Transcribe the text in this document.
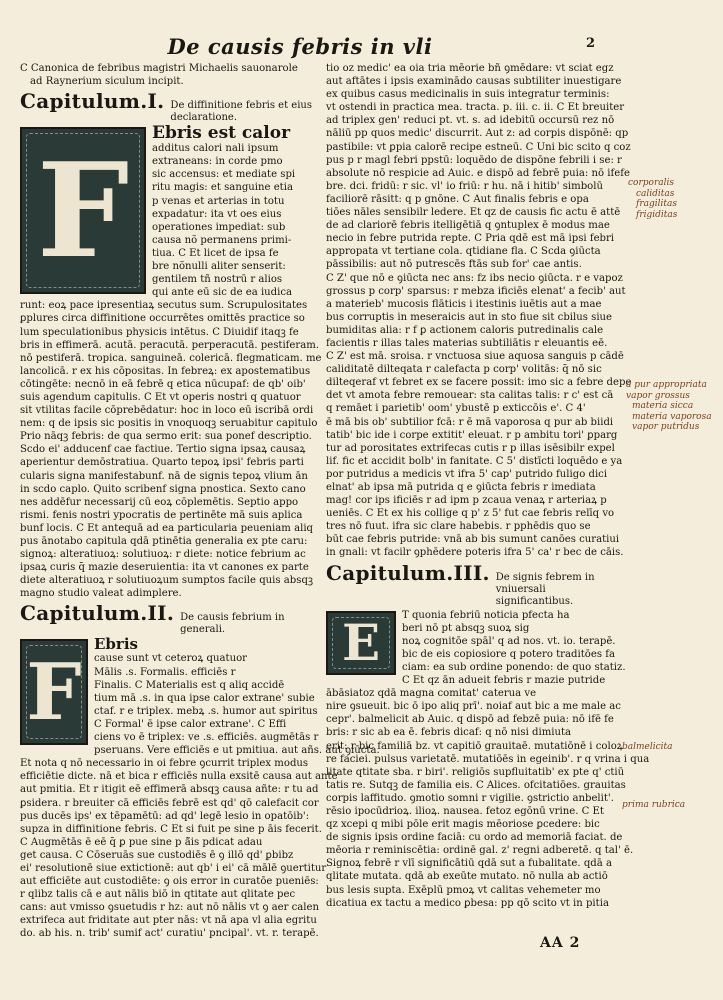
De causis febris in vli	2
C Canonica de febribus magistri Michaelis sauonarole
ad Raynerium siculum incipit.
Capitulum.I. De diffinitione febris et eius declaratione.
F
Ebris est calor
additus calori nali ipsum
extraneans: in corde pmo
sic accensus: et mediate spi
ritu magis: et sanguine etia
p venas et arterias in totu
expadatur: ita vt oes eius
operationes impediat: sub
causa nõ permanens primi-
tiua. C Et licet de ipsa fe
bre nõnulli aliter senserit:
gentilem tñ nostrū r alios
qui ante eū sic de ea iudica
runt: eoꝝ pace ipresentiaꝝ secutus sum. Scrupulositates
ꝑplures circa diffinitione occurrētes omittēs practice so
lum speculationibus physicis intētus. C Diuidif itaqꝫ fe
bris in effimerā. acutā. peracutā. perperacutā. pestiferam.
nō pestiferā. tropica. sanguineā. colericā. flegmaticam. me
lancolicā. r ex his cōpositas. In febreꝝ: ex apostematibus
cōtingēte: necnō in eā febrē q etica nūcupaf: de qb' oib'
suis agendum capitulis. C Et vt operis nostri q quatuor
sit vtilitas facile cōprebēdatur: hoc in loco eū iscribā ordi
nem: q de ipsis sic positis in vnoquoqꝫ seruabitur capitulo
Prio nāqꝫ febris: de qua sermo erit: sua ponef descriptio.
Scdo ei' adducenf cae factiue. Tertio signa ipsaꝝ causaꝝ
aperientur demōstratiua. Quarto tepoꝝ ipsi' febris parti
cularis signa manifestabunf. nā de signis tepoꝝ vlium ān
in scdo caplo. Quito scribenf signa pnostica. Sexto cano
nes addēfur necessarij cū eoꝝ cōplemētis. Septio appo
rismi. fenis nostri ypocratis de pertinēte mā suis aplica
bunf locis. C Et antequā ad ea particularia peueniam aliq
pus ānotabo capitula qdā ptinētia generalia ex pte caru:
signoꝝ: alteratiuoꝝ: solutiuoꝝ: r diete: notice febrium ac
ipsaꝝ curis q̄ mazie deseruientia: ita vt canones ex parte
diete alteratiuoꝝ r solutiuoꝝum sumptos facile quis absqꝫ
magno studio valeat adimplere.
Capitulum.II. De causis febrium in generali.
F
Ebris
cause sunt vt ceteroꝝ quatuor
Mālis .s. Formalis. efficiēs r
Finalis. C Materialis est q aliq accidē
tium mā .s. in qua ipse calor extrane' subie
ctaf. r e triplex. mebꝝ .s. humor aut spiritus
C Formal' ē ipse calor extrane'. C Effi
ciens vo ē triplex: ve .s. efficiēs. augmētās r
pseruans. Vere efficiēs e ut pmitiua. aut añs. aut ꝯiūcta.
Et nota q nō necessario in oi febre ꝯcurrit triplex modus
efficiētie dicte. nā et bica r efficiēs nulla exsitē causa aut ante
aut pmitia. Et r itigit eē effimerā absqꝫ causa añte: r tu ad
ꝑsidera. r breuiter cā efficiēs febrē est qd' qō calefacit cor
pus ducēs ips' ex tēpamētū: ad qd' legē lesio in opatōib':
supza in diffinitione febris. C Et si fuit pe sine p āis fecerit.
C Augmētās ē eē q̄ ꝑ pue sine p ā̃is pdicat adau
get causa. C Cōseruās sue custodiēs ē ꝯ illō qd' ꝑbibz
ei' resolutionē siue extictionē: aut qb' i ei' cā mālē ꝯuertitur
aut efficiēte aut custodiēte: ꝯ ois error in curatōe pueniēs:
r qlibz talis cā e aut nālis biō in qtitate aut qlitate pec
cans: aut vmisso ꝯsuetudis r hz: aut nō nālis vt ꝯ aer calen
extrifeca aut friditate aut pter nās: vt nā apa vl alia egritu
do. ab his. n. trib' sumif act' curatiu' pncipal'. vt. r. terapē.
tio oz medic' ea oia tria mēorie bñ ꝯmēdare: vt sciat egz
aut aftātes i ipsis examinādo causas subtiliter inuestigare
ex quibus casus medicinalis in suis integratur terminis:
vt ostendi in practica mea. tracta. p. iii. c. ii. C Et breuiter
ad triplex gen' reduci pt. vt. s. ad idebitū occursū rez nō
nāliū pp quos medic' discurrit. Aut z: ad corpis dispōnē: qp
pastibile: vt ꝑpia calorē recipe estneū. C Uni bic scito q coz
pus p r magl febri ppstū: loquēdo de dispōne febrili i se: r
absolute nō respicie ad Auic. e dispō ad febrē puia: nō ifefe
bre. dci. fridū: r sic. vl' io friū: r hu. nā i hitib' simbolū
faciliorē rāsitt: q p gnōne. C Aut finalis febris e opa
tiōes nāles sensibilr ledere. Et qz de causis fic actu ē attē
de ad clariorē febris itelligētiā q ꝯntuplex ē modus mae
necio in febre putrida repte. C Pria qdē est mā ipsi febri
appropata vt tertiane cola. qtidiane fla. C Scda ꝯiūcta
pāssibilis: aut nō putrescēs ftās sub for' cae antis.
C Z' que nō e ꝯiūcta nec ans: fz ibs necio ꝯiūcta. r e vapoz
grossus p corp' sparsus: r mebza ificiēs elenat' a fecib' aut
a materieb' mucosis flāticis i itestinis iuētis aut a mae
bus corruptis in meseraicis aut in sto fiue sit cbilus siue
bumiditas alia: r f ꝑ actionem caloris putredinalis cale
facientis r illas tales materias subtiliātis r eleuantis eē.
C Z' est mā. sroisa. r vnctuosa siue aquosa sanguis p cādē
caliditatē dilteqata r calefacta p corp' volitās: q̄ nō sic
dilteqeraf vt febret ex se facere possit: imo sic a febre depe
det vt amota febre remouear: sta calitas talis: r c' est cā
q remāet i parietib' oom' ybustē p exticcōis e'. C 4'
ē mā bis ob' subtilior fcā: r ē mā vaporosa q pur ab biidi
tatib' bic ide i corpe extitit' eleuat. r p ambitu tori' ꝑparg
tur ad porositates extrifecas cutis r p illas isēsibilr expel
lif. fic et accidit bolb' in fanitate. C 5' distīcti loquēdo e ya
por putridus a medicis vt ifra 5' cap' putrido fuligo dici
elnat' ab ipsa mā putrida q e ꝯiūcta febris r imediata
mag! cor ips ificiēs r ad ipm p zcaua venaꝝ r arteriaꝝ p
ueniēs. C Et ex his collige q p' z 5' fut cae febris relīq vo
tres nō fuut. ifra sic clare habebis. r pphēdis quo se
būt cae febris putride: vnā ab bis sumunt canōes curatiui
in gnali: vt facilr ꝯphēdere poteris ifra 5' ca' r bec de cāis.
Capitulum.III. De signis febrem in vniuersali significantibus.
E	T quonia febriū noticia pfecta ha
beri nō pt absqꝫ suoꝝ sig
noꝝ cognitōe spāl' q ad nos. vt. io. terapē.
bic de eis copiosiore q potero traditōes fa
ciam: ea sub ordine ponendo: de quo statiz.
C Et qz ān adueit febris r mazie putride
ābāsiatoz qdā magna comitat' caterua ve
nire ꝯsueuit. bic ō ipo aliq prī'. noiaf aut bic a me male ac
cepr'. balmelicit ab Auic. q dispō ad febzē puia: nō ifē fe
bris: r sic ab ea ē. febris dicaf: q nō nisi dimiuta
erit: r bic familiā bz. vt capitiō grauitaē. mutatiōnē i coloꝝ
re faciei. pulsus varietatē. mutatiōēs in egeinib'. r q vrina i qua
litate qtitate sba. r biri'. religiōs supfluitatib' ex pte q' ctiū
tatis re. Sutqꝫ de familia eis. C Alices. ofcitatiōes. grauitas
corpis laffitudo. ꝯmotio somni r vigilie. ꝯstrictio anbelit'.
rēsio ipocūdrioꝝ. ilioꝝ. nausea. fetoz egōnū vrine. C Et
qz xcepi q mibi pōle erit magis mēoriose ꝑcedere: bic
de signis ipsis ordine faciā: cu ordo ad memoriā faciat. de
mēoria r reminiscētia: ordinē gal. z' regni adberetē. q tal' ē.
Signoꝝ febrē r vlī significātiū qdā sut a fubalitate. qdā a
qlitate mutata. qdā ab exeūte mutato. nō nulla ab actiō
bus lesis supta. Exēplū pmoꝝ vt calitas vehemeter mo
dicatiua ex tactu a medico ꝑbesa: pp qō scito vt in pitia
corporalis
caliditas
fragilitas
frigiditas
a pur appropriata
vapor grossus
materia sicca
materia vaporosa
vapor putridus
balmelicita
prima rubrica
AA 2
